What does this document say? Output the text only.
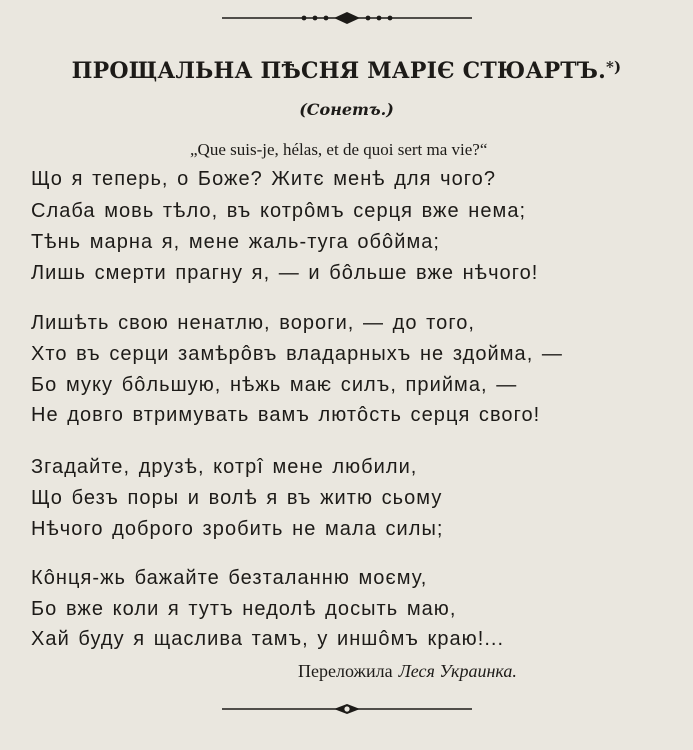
ПРОЩАЛЬНА ПѢСНЯ МАРІЄ СТЮАРТЪ.*)
(Сонетъ.)
„Que suis-je, hélas, et de quoi sert ma vie?“
Що я теперь, о Боже? Житє менѣ для чого?
Слаба мовь тѣло, въ котрôмъ серця вже нема;
Тѣнь марна я, мене жаль-туга обôйма;
Лишь смерти прагну я, — и бôльше вже нѣчого!
Лишѣть свою ненатлю, вороги, — до того,
Хто въ серци замѣрôвъ владарныхъ не здойма, —
Бо муку бôльшую, нѣжь маѥ силъ, прийма, —
Не довго втримувать вамъ лютôсть серця свого!
Згадайте, друзѣ, котрî мене любили,
Що безъ поры и волѣ я въ житю сьому
Нѣчого доброго зробить не мала силы;
Кôнця-жь бажайте безталанню моєму,
Бо вже коли я тутъ недолѣ досыть маю,
Хай буду я щаслива тамъ, у иншôмъ краю!...
Переложила Леся Украинка.
